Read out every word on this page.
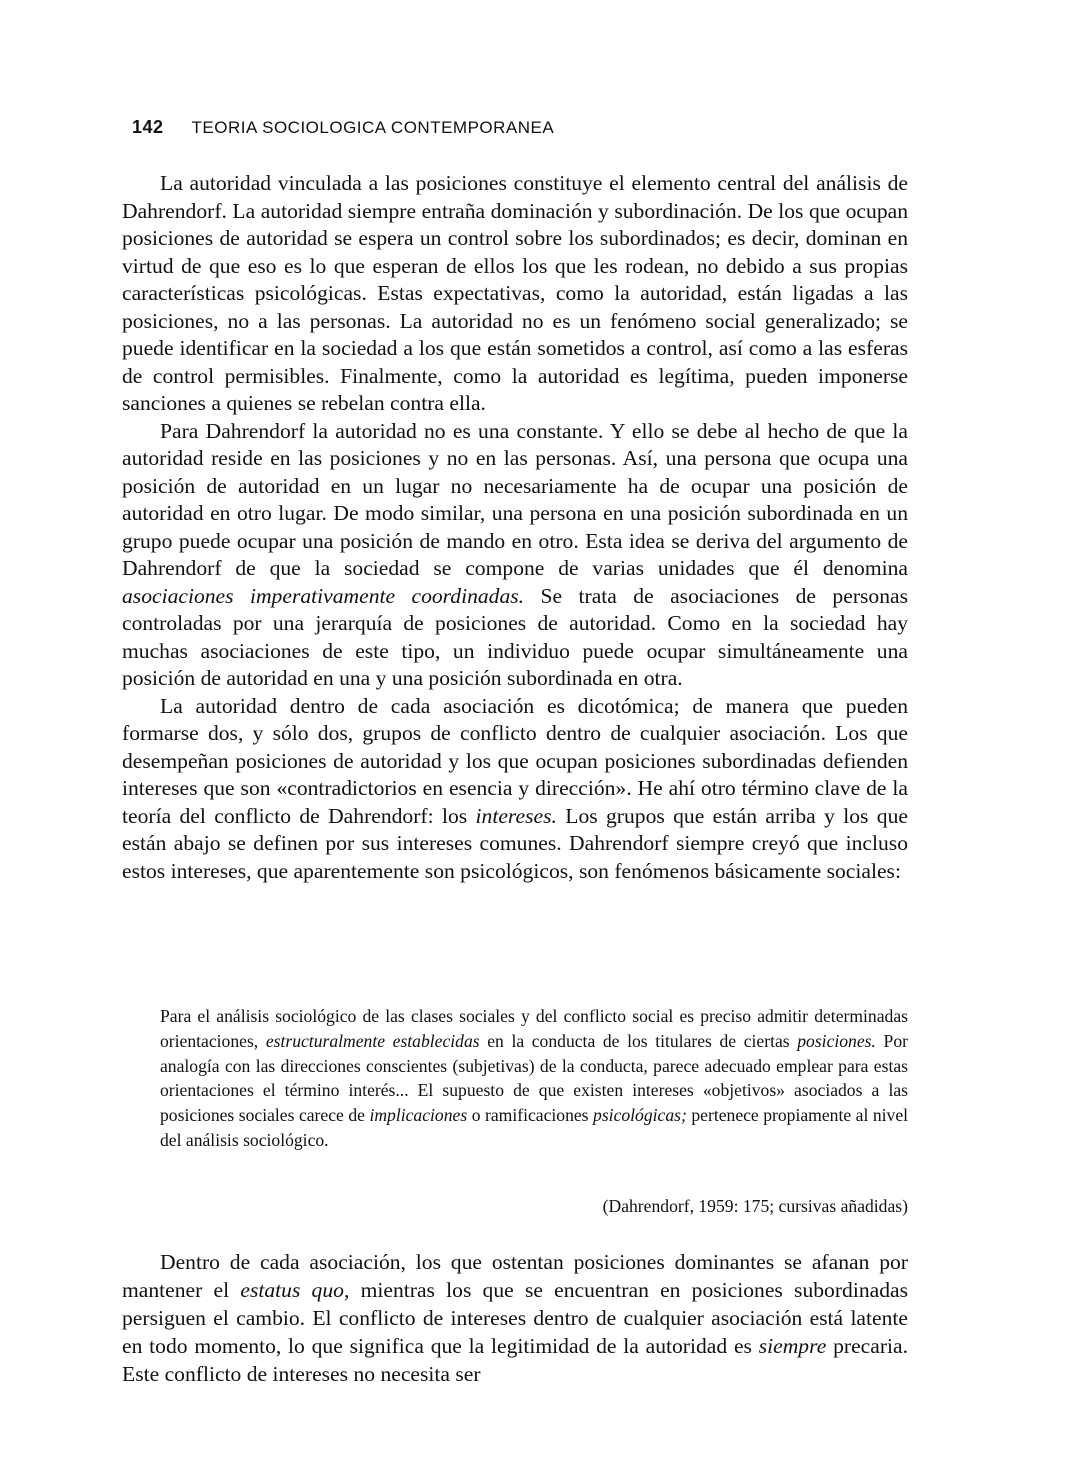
142 TEORIA SOCIOLOGICA CONTEMPORANEA

La autoridad vinculada a las posiciones constituye el elemento central del análisis de Dahrendorf. La autoridad siempre entraña dominación y subordinación. De los que ocupan posiciones de autoridad se espera un control sobre los subordinados; es decir, dominan en virtud de que eso es lo que esperan de ellos los que les rodean, no debido a sus propias características psicológicas. Estas expectativas, como la autoridad, están ligadas a las posiciones, no a las personas. La autoridad no es un fenómeno social generalizado; se puede identificar en la sociedad a los que están sometidos a control, así como a las esferas de control permisibles. Finalmente, como la autoridad es legítima, pueden imponerse sanciones a quienes se rebelan contra ella.

Para Dahrendorf la autoridad no es una constante. Y ello se debe al hecho de que la autoridad reside en las posiciones y no en las personas. Así, una persona que ocupa una posición de autoridad en un lugar no necesariamente ha de ocupar una posición de autoridad en otro lugar. De modo similar, una persona en una posición subordinada en un grupo puede ocupar una posición de mando en otro. Esta idea se deriva del argumento de Dahrendorf de que la sociedad se compone de varias unidades que él denomina asociaciones imperativamente coordinadas. Se trata de asociaciones de personas controladas por una jerarquía de posiciones de autoridad. Como en la sociedad hay muchas asociaciones de este tipo, un individuo puede ocupar simultáneamente una posición de autoridad en una y una posición subordinada en otra.

La autoridad dentro de cada asociación es dicotómica; de manera que pueden formarse dos, y sólo dos, grupos de conflicto dentro de cualquier asociación. Los que desempeñan posiciones de autoridad y los que ocupan posiciones subordinadas defienden intereses que son «contradictorios en esencia y dirección». He ahí otro término clave de la teoría del conflicto de Dahrendorf: los intereses. Los grupos que están arriba y los que están abajo se definen por sus intereses comunes. Dahrendorf siempre creyó que incluso estos intereses, que aparentemente son psicológicos, son fenómenos básicamente sociales:

Para el análisis sociológico de las clases sociales y del conflicto social es preciso admitir determinadas orientaciones, estructuralmente establecidas en la conducta de los titulares de ciertas posiciones. Por analogía con las direcciones conscientes (subjetivas) de la conducta, parece adecuado emplear para estas orientaciones el término interés... El supuesto de que existen intereses «objetivos» asociados a las posiciones sociales carece de implicaciones o ramificaciones psicológicas; pertenece propiamente al nivel del análisis sociológico.

(Dahrendorf, 1959: 175; cursivas añadidas)

Dentro de cada asociación, los que ostentan posiciones dominantes se afanan por mantener el estatus quo, mientras los que se encuentran en posiciones subordinadas persiguen el cambio. El conflicto de intereses dentro de cualquier asociación está latente en todo momento, lo que significa que la legitimidad de la autoridad es siempre precaria. Este conflicto de intereses no necesita ser
